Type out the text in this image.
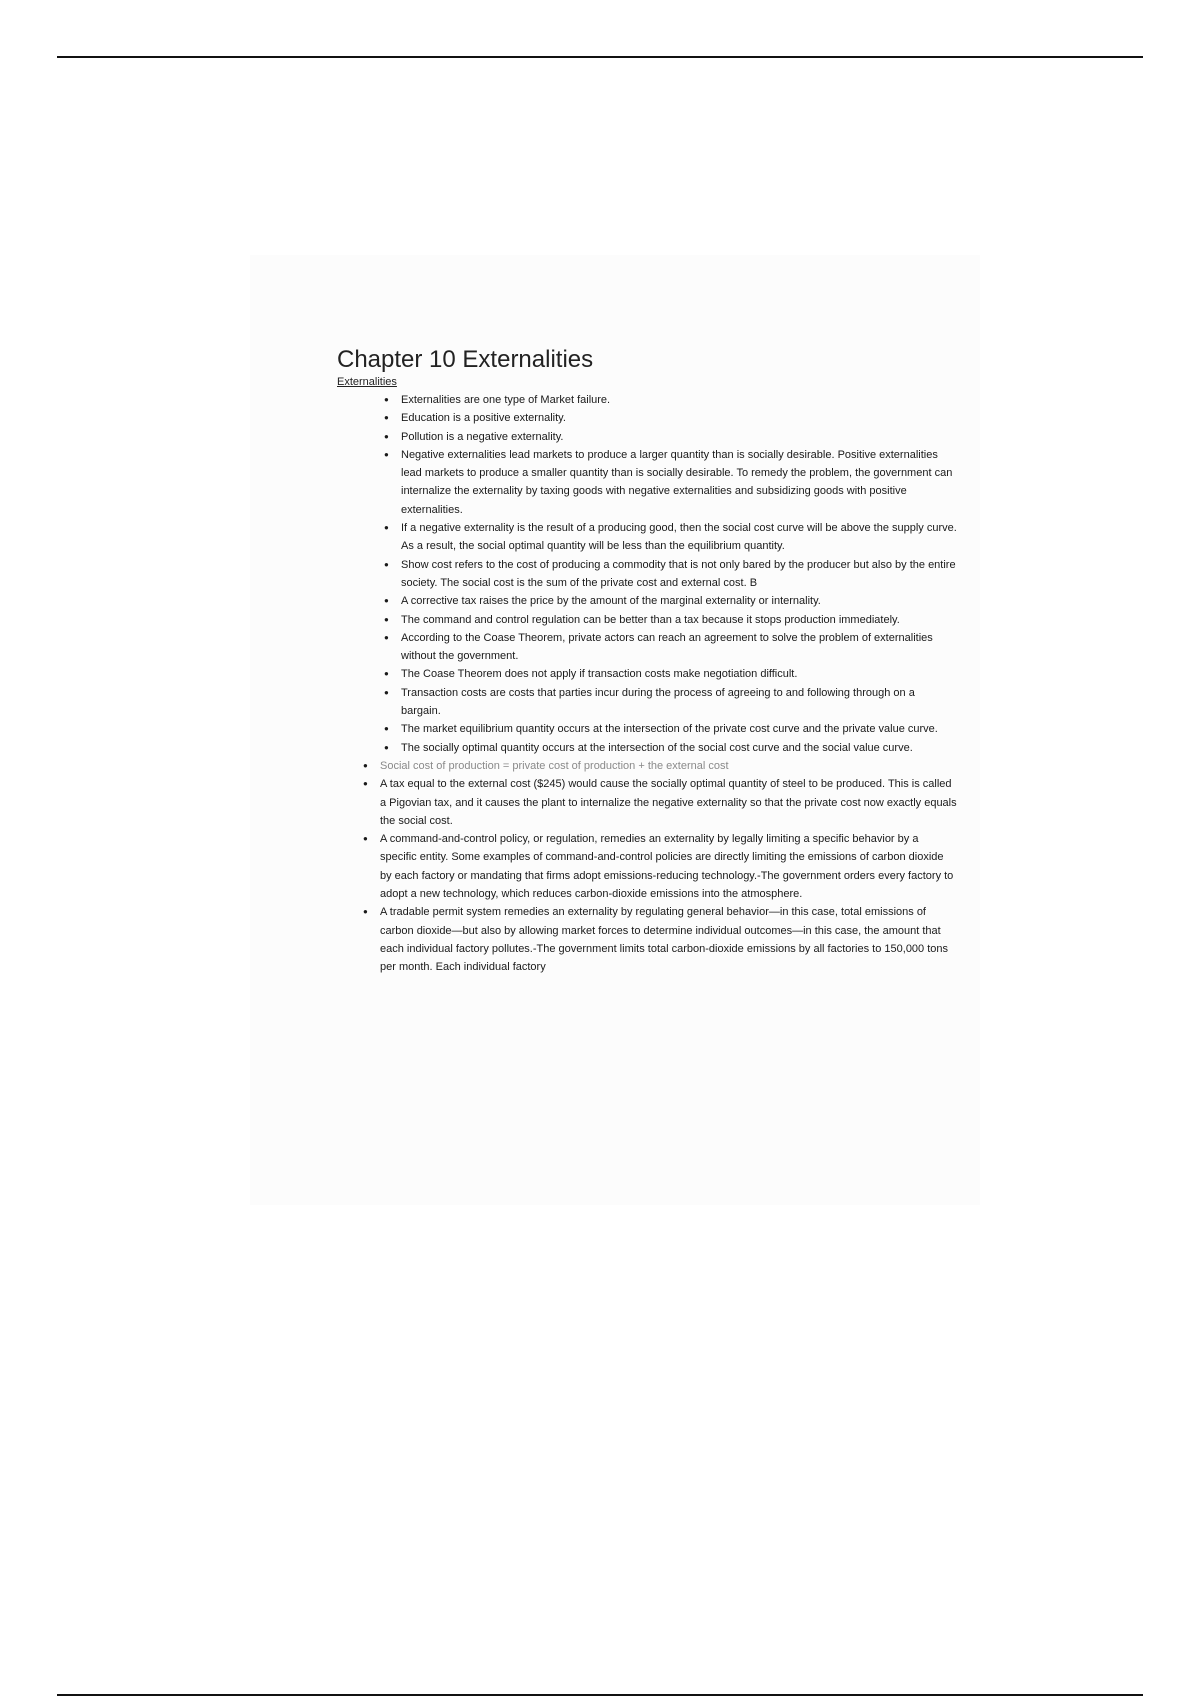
Chapter 10 Externalities
Externalities
● Externalities are one type of Market failure.
● Education is a positive externality.
● Pollution is a negative externality.
● Negative externalities lead markets to produce a larger quantity than is socially desirable. Positive externalities lead markets to produce a smaller quantity than is socially desirable. To remedy the problem, the government can internalize the externality by taxing goods with negative externalities and subsidizing goods with positive externalities.
● If a negative externality is the result of a producing good, then the social cost curve will be above the supply curve. As a result, the social optimal quantity will be less than the equilibrium quantity.
● Show cost refers to the cost of producing a commodity that is not only bared by the producer but also by the entire society. The social cost is the sum of the private cost and external cost. B
● A corrective tax raises the price by the amount of the marginal externality or internality.
● The command and control regulation can be better than a tax because it stops production immediately.
● According to the Coase Theorem, private actors can reach an agreement to solve the problem of externalities without the government.
● The Coase Theorem does not apply if transaction costs make negotiation difficult.
● Transaction costs are costs that parties incur during the process of agreeing to and following through on a bargain.
● The market equilibrium quantity occurs at the intersection of the private cost curve and the private value curve.
● The socially optimal quantity occurs at the intersection of the social cost curve and the social value curve.
● Social cost of production = private cost of production + the external cost
● A tax equal to the external cost ($245) would cause the socially optimal quantity of steel to be produced. This is called a Pigovian tax, and it causes the plant to internalize the negative externality so that the private cost now exactly equals the social cost.
● A command-and-control policy, or regulation, remedies an externality by legally limiting a specific behavior by a specific entity. Some examples of command-and-control policies are directly limiting the emissions of carbon dioxide by each factory or mandating that firms adopt emissions-reducing technology.-The government orders every factory to adopt a new technology, which reduces carbon-dioxide emissions into the atmosphere.
● A tradable permit system remedies an externality by regulating general behavior—in this case, total emissions of carbon dioxide—but also by allowing market forces to determine individual outcomes—in this case, the amount that each individual factory pollutes.-The government limits total carbon-dioxide emissions by all factories to 150,000 tons per month. Each individual factory
